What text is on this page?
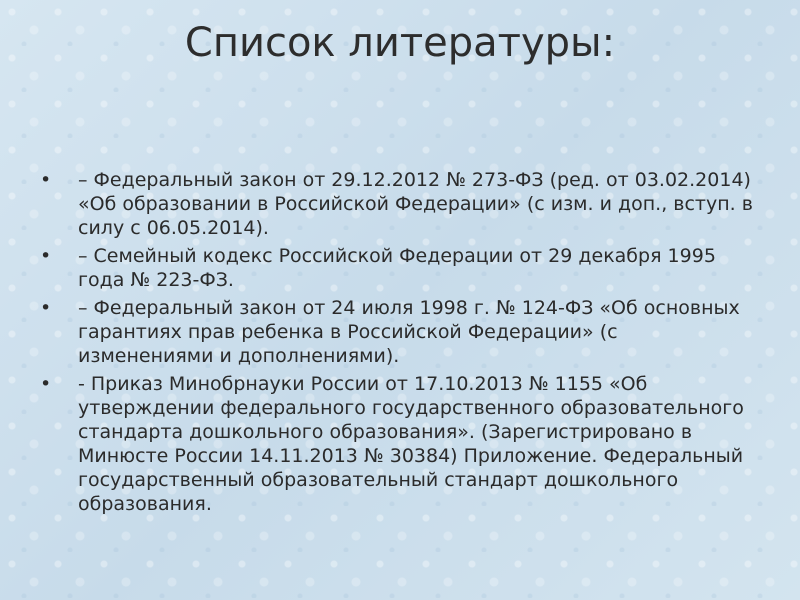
Список литературы:
•	– Федеральный закон от 29.12.2012 № 273-ФЗ (ред. от 03.02.2014) «Об образовании в Российской Федерации» (с изм. и доп., вступ. в силу с 06.05.2014).
•	– Семейный кодекс Российской Федерации от 29 декабря 1995 года № 223-ФЗ.
•	– Федеральный закон от 24 июля 1998 г. № 124-ФЗ «Об основных гарантиях прав ребенка в Российской Федерации» (с изменениями и дополнениями).
•	- Приказ Минобрнауки России от 17.10.2013 № 1155 «Об утверждении федерального государственного образовательного стандарта дошкольного образования». (Зарегистрировано в Минюсте России 14.11.2013 № 30384) Приложение. Федеральный государственный образовательный стандарт дошкольного образования.
